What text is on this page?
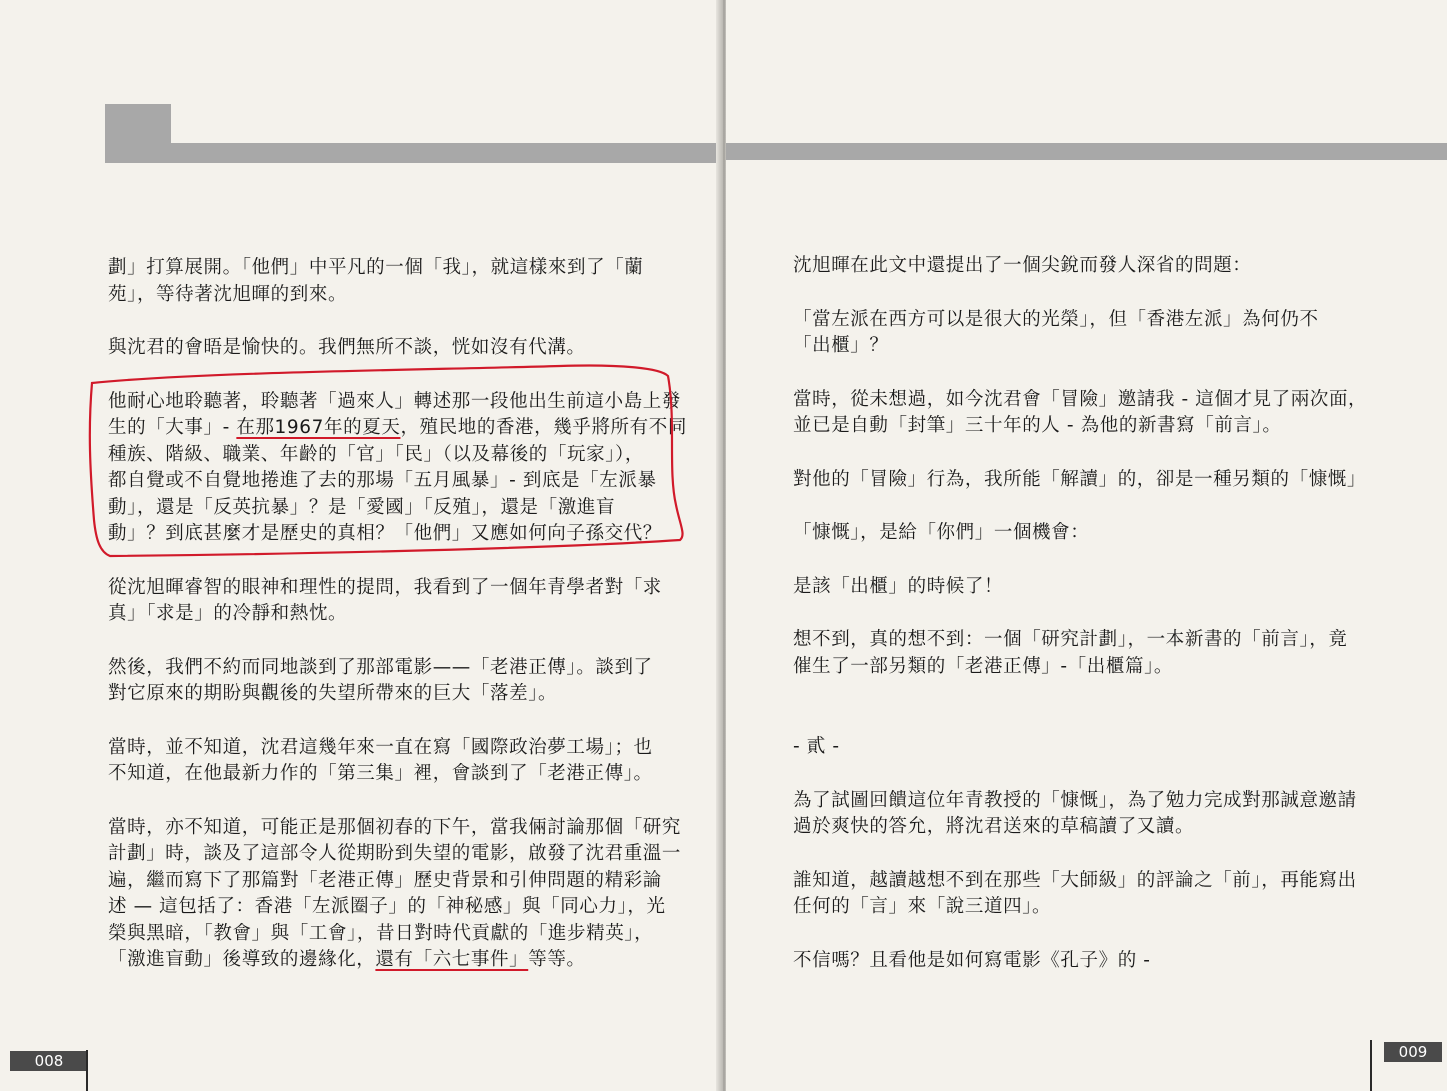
劃」打算展開。「他們」中平凡的一個「我」，就這樣來到了「蘭

苑」，等待著沈旭暉的到來。

與沈君的會晤是愉快的。我們無所不談，恍如沒有代溝。

他耐心地聆聽著，聆聽著「過來人」轉述那一段他出生前這小島上發

生的「大事」- 在那1967年的夏天，殖民地的香港，幾乎將所有不同

種族、階級、職業、年齡的「官」「民」（以及幕後的「玩家」），

都自覺或不自覺地捲進了去的那場「五月風暴」- 到底是「左派暴

動」，還是「反英抗暴」？是「愛國」「反殖」，還是「激進盲

動」？到底甚麼才是歷史的真相？「他們」又應如何向子孫交代？

從沈旭暉睿智的眼神和理性的提問，我看到了一個年青學者對「求

真」「求是」的冷靜和熱忱。

然後，我們不約而同地談到了那部電影——「老港正傳」。談到了

對它原來的期盼與觀後的失望所帶來的巨大「落差」。

當時，並不知道，沈君這幾年來一直在寫「國際政治夢工場」；也

不知道，在他最新力作的「第三集」裡，會談到了「老港正傳」。

當時，亦不知道，可能正是那個初春的下午，當我倆討論那個「研究

計劃」時，談及了這部令人從期盼到失望的電影，啟發了沈君重溫一

遍，繼而寫下了那篇對「老港正傳」歷史背景和引伸問題的精彩論

述 — 這包括了：香港「左派圈子」的「神秘感」與「同心力」，光

榮與黑暗，「教會」與「工會」，昔日對時代貢獻的「進步精英」，

「激進盲動」後導致的邊緣化，還有「六七事件」等等。

008

沈旭暉在此文中還提出了一個尖銳而發人深省的問題：

「當左派在西方可以是很大的光榮」，但「香港左派」為何仍不

「出櫃」？

當時，從未想過，如今沈君會「冒險」邀請我 - 這個才見了兩次面，

並已是自動「封筆」三十年的人 - 為他的新書寫「前言」。

對他的「冒險」行為，我所能「解讀」的，卻是一種另類的「慷慨」

「慷慨」，是給「你們」一個機會：

是該「出櫃」的時候了！

想不到，真的想不到：一個「研究計劃」，一本新書的「前言」，竟

催生了一部另類的「老港正傳」-「出櫃篇」。

- 貳 -

為了試圖回饋這位年青教授的「慷慨」，為了勉力完成對那誠意邀請

過於爽快的答允，將沈君送來的草稿讀了又讀。

誰知道，越讀越想不到在那些「大師級」的評論之「前」，再能寫出

任何的「言」來「說三道四」。

不信嗎？且看他是如何寫電影《孔子》的 -

009
